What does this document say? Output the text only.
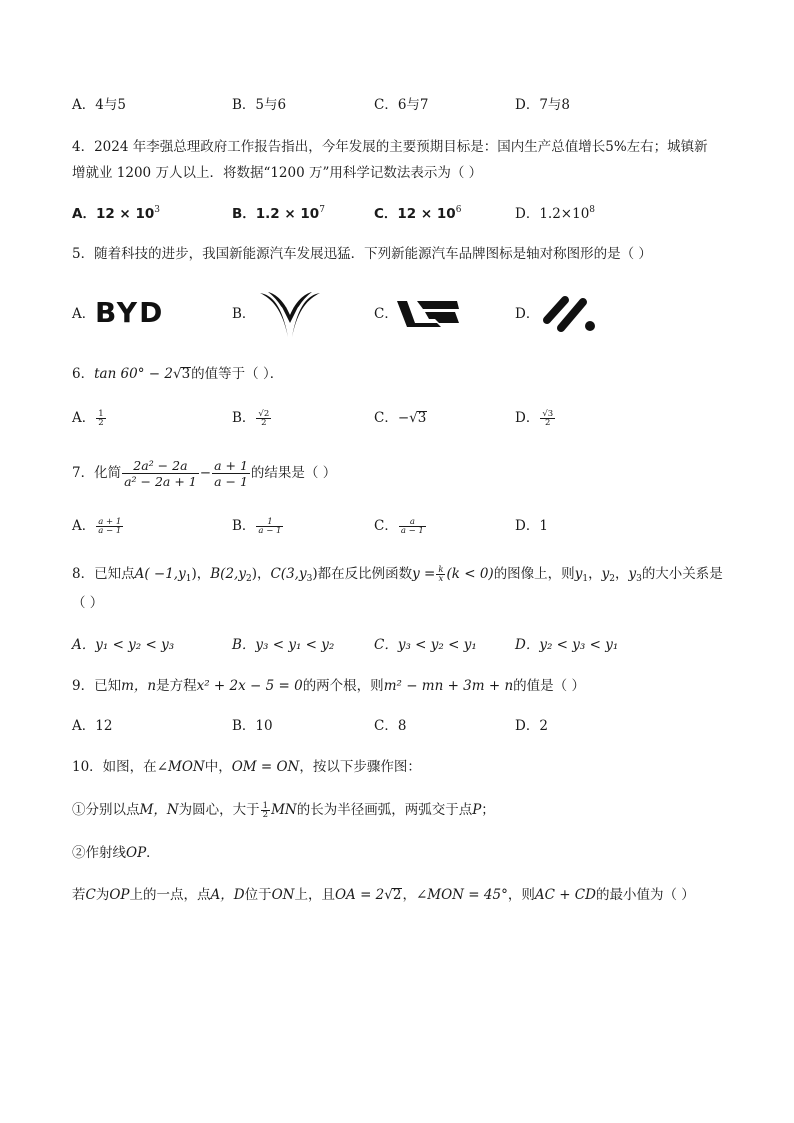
A．4与5	B．5与6	C．6与7	D．7与8
4．2024 年李强总理政府工作报告指出，今年发展的主要预期目标是：国内生产总值增长5%左右；城镇新
增就业 1200 万人以上．将数据“1200 万”用科学记数法表示为（ ）
A．$12 \times 10^3$	B．$1.2 \times 10^7$	C．$12 \times 10^6$	D．$1.2\times 10^8$
5．随着科技的进步，我国新能源汽车发展迅猛．下列新能源汽车品牌图标是轴对称图形的是（ ）
A． BYD	B．	C．	D．
6．tan 60° − 2√3的值等于（ ）．
A． $\frac{1}{2}$	B． $\frac{√2}{2}$	C．−√3	D． $\frac{√3}{2}$
7．化简 $\frac{\text{2a² − 2a}}{\text{a² − 2a + 1}} - \frac{a + 1}{a - 1}$ 的结果是（ ）
A． $\frac{a + 1}{a - 1}$	B． $\frac{1}{a - 1}$	C． $\frac{a}{a - 1}$	D．1
8．已知点$A( -1,y_1)$，$B(2,y_2)$，$C(3,y_3)$都在反比例函数$y = \frac{k}{x} (k < 0)$的图像上，则$y_1$，$y_2$，$y_3$的大小关系是
（ ）
A．y₁ < y₂ < y₃	B．y₃ < y₁ < y₂	C．y₃ < y₂ < y₁	D．y₂ < y₃ < y₁
9．已知m，n是方程x² + 2x − 5 = 0的两个根，则m² − mn + 3m + n的值是（ ）
A．12	B．10	C．8	D．2
10．如图，在∠MON中，OM = ON，按以下步骤作图：
①分别以点M，N为圆心，大于 $\frac{1}{2}$ MN的长为半径画弧，两弧交于点P；
②作射线OP．
若C为OP上的一点，点A，D位于ON上，且OA = 2√2，∠MON = 45°，则AC + CD的最小值为（ ）
